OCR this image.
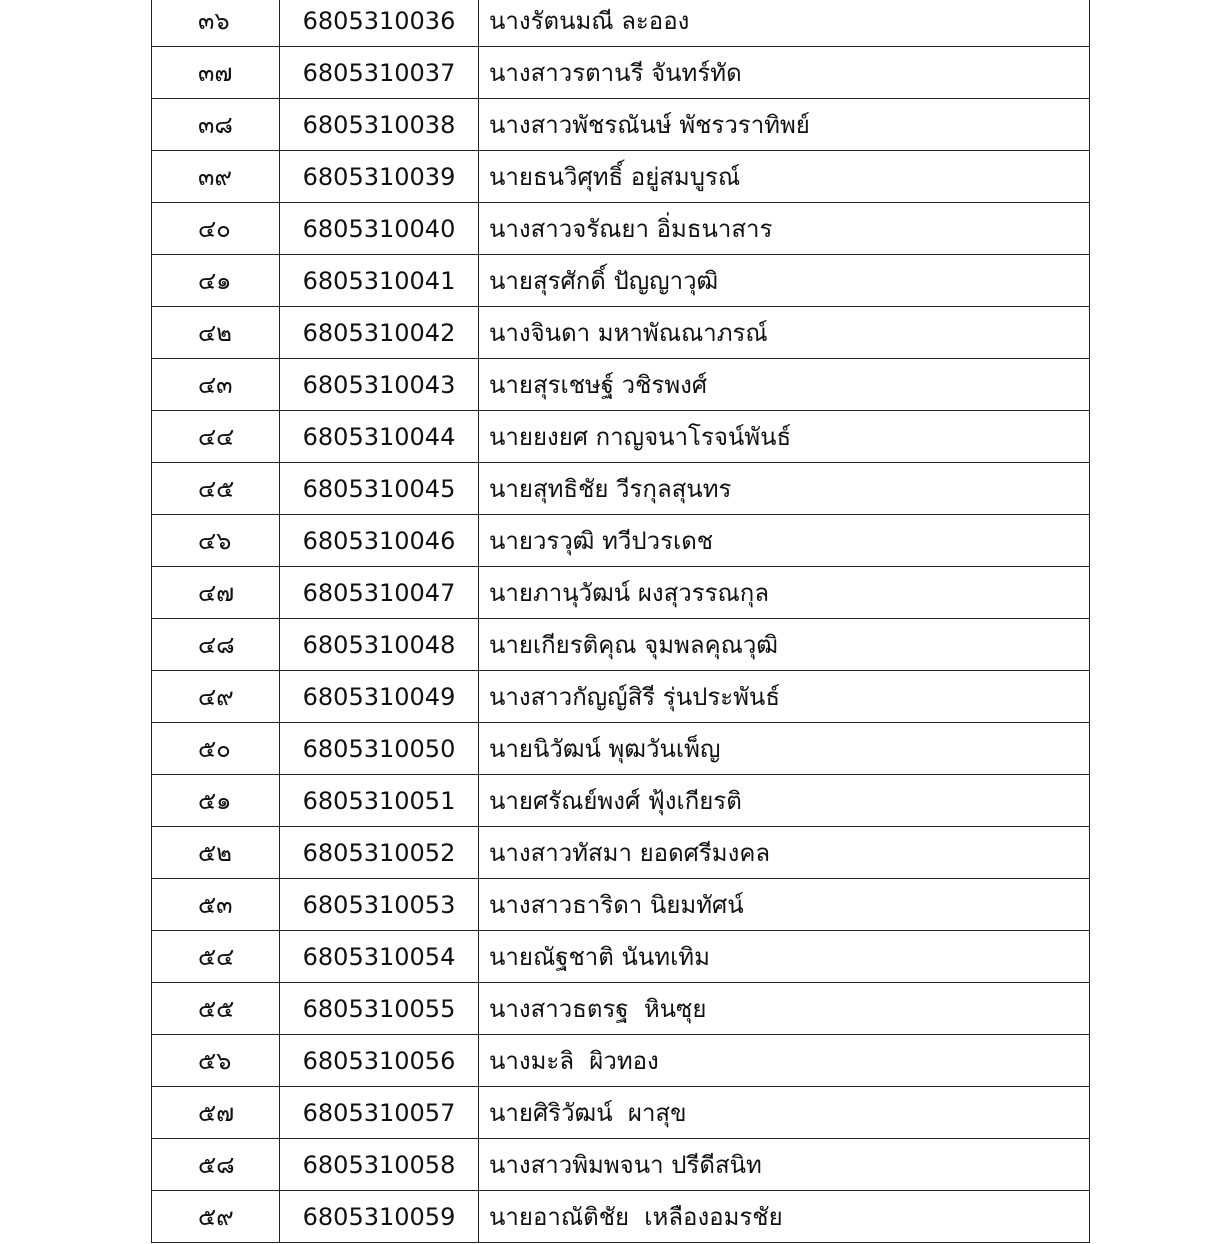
๓๖	6805310036	นางรัตนมณี ละออง
๓๗	6805310037	นางสาวรตานรี จันทร์ทัด
๓๘	6805310038	นางสาวพัชรณันษ์ พัชรวราทิพย์
๓๙	6805310039	นายธนวิศุทธิ์ อยู่สมบูรณ์
๔๐	6805310040	นางสาวจรัณยา อิ่มธนาสาร
๔๑	6805310041	นายสุรศักดิ์ ปัญญาวุฒิ
๔๒	6805310042	นางจินดา มหาพัณณาภรณ์
๔๓	6805310043	นายสุรเชษฐ์ วชิรพงศ์
๔๔	6805310044	นายยงยศ กาญจนาโรจน์พันธ์
๔๕	6805310045	นายสุทธิชัย วีรกุลสุนทร
๔๖	6805310046	นายวรวุฒิ ทวีปวรเดช
๔๗	6805310047	นายภานุวัฒน์ ผงสุวรรณกุล
๔๘	6805310048	นายเกียรติคุณ จุมพลคุณวุฒิ
๔๙	6805310049	นางสาวกัญญ์สิรี รุ่นประพันธ์
๕๐	6805310050	นายนิวัฒน์ พุฒวันเพ็ญ
๕๑	6805310051	นายศรัณย์พงศ์ ฟุ้งเกียรติ
๕๒	6805310052	นางสาวทัสมา ยอดศรีมงคล
๕๓	6805310053	นางสาวธาริดา นิยมทัศน์
๕๔	6805310054	นายณัฐชาติ นันทเทิม
๕๕	6805310055	นางสาวธตรฐ  หินซุย
๕๖	6805310056	นางมะลิ  ผิวทอง
๕๗	6805310057	นายศิริวัฒน์  ผาสุข
๕๘	6805310058	นางสาวพิมพจนา ปรีดีสนิท
๕๙	6805310059	นายอาณัติชัย  เหลืองอมรชัย
